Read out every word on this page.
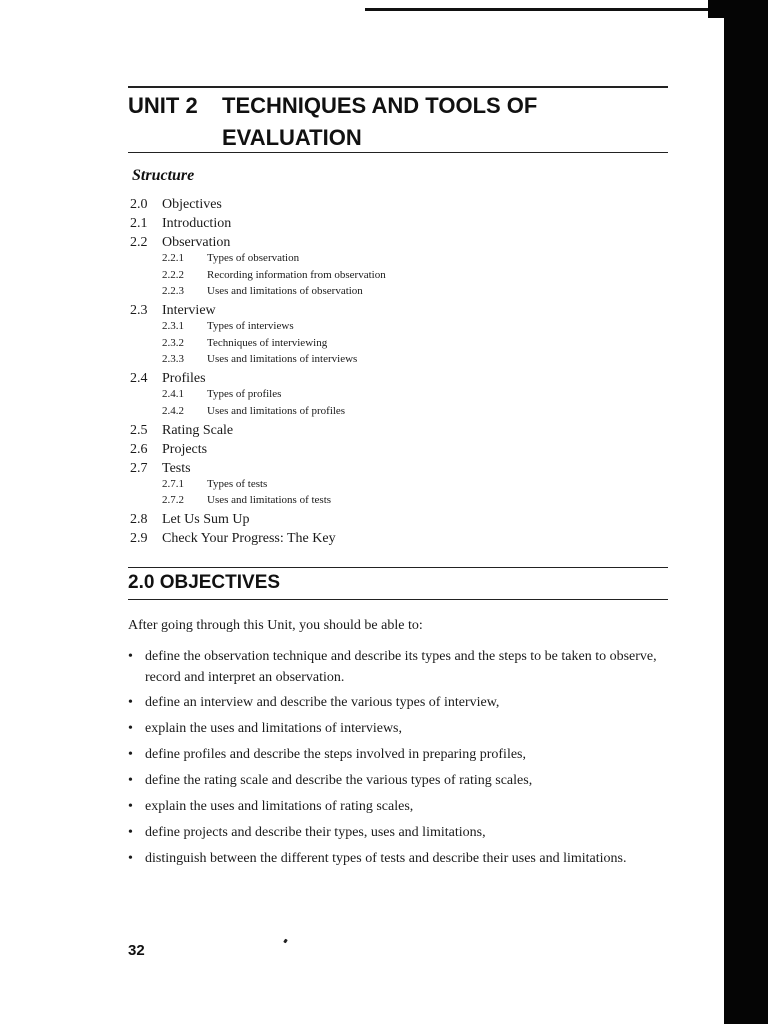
UNIT 2 TECHNIQUES AND TOOLS OF
EVALUATION
Structure
2.0 Objectives
2.1 Introduction
2.2 Observation
2.2.1 Types of observation
2.2.2 Recording information from observation
2.2.3 Uses and limitations of observation
2.3 Interview
2.3.1 Types of interviews
2.3.2 Techniques of interviewing
2.3.3 Uses and limitations of interviews
2.4 Profiles
2.4.1 Types of profiles
2.4.2 Uses and limitations of profiles
2.5 Rating Scale
2.6 Projects
2.7 Tests
2.7.1 Types of tests
2.7.2 Uses and limitations of tests
2.8 Let Us Sum Up
2.9 Check Your Progress: The Key
2.0 OBJECTIVES
After going through this Unit, you should be able to:
• define the observation technique and describe its types and the steps to be taken to observe, record and interpret an observation.
• define an interview and describe the various types of interview,
• explain the uses and limitations of interviews,
• define profiles and describe the steps involved in preparing profiles,
• define the rating scale and describe the various types of rating scales,
• explain the uses and limitations of rating scales,
• define projects and describe their types, uses and limitations,
• distinguish between the different types of tests and describe their uses and limitations.
32
